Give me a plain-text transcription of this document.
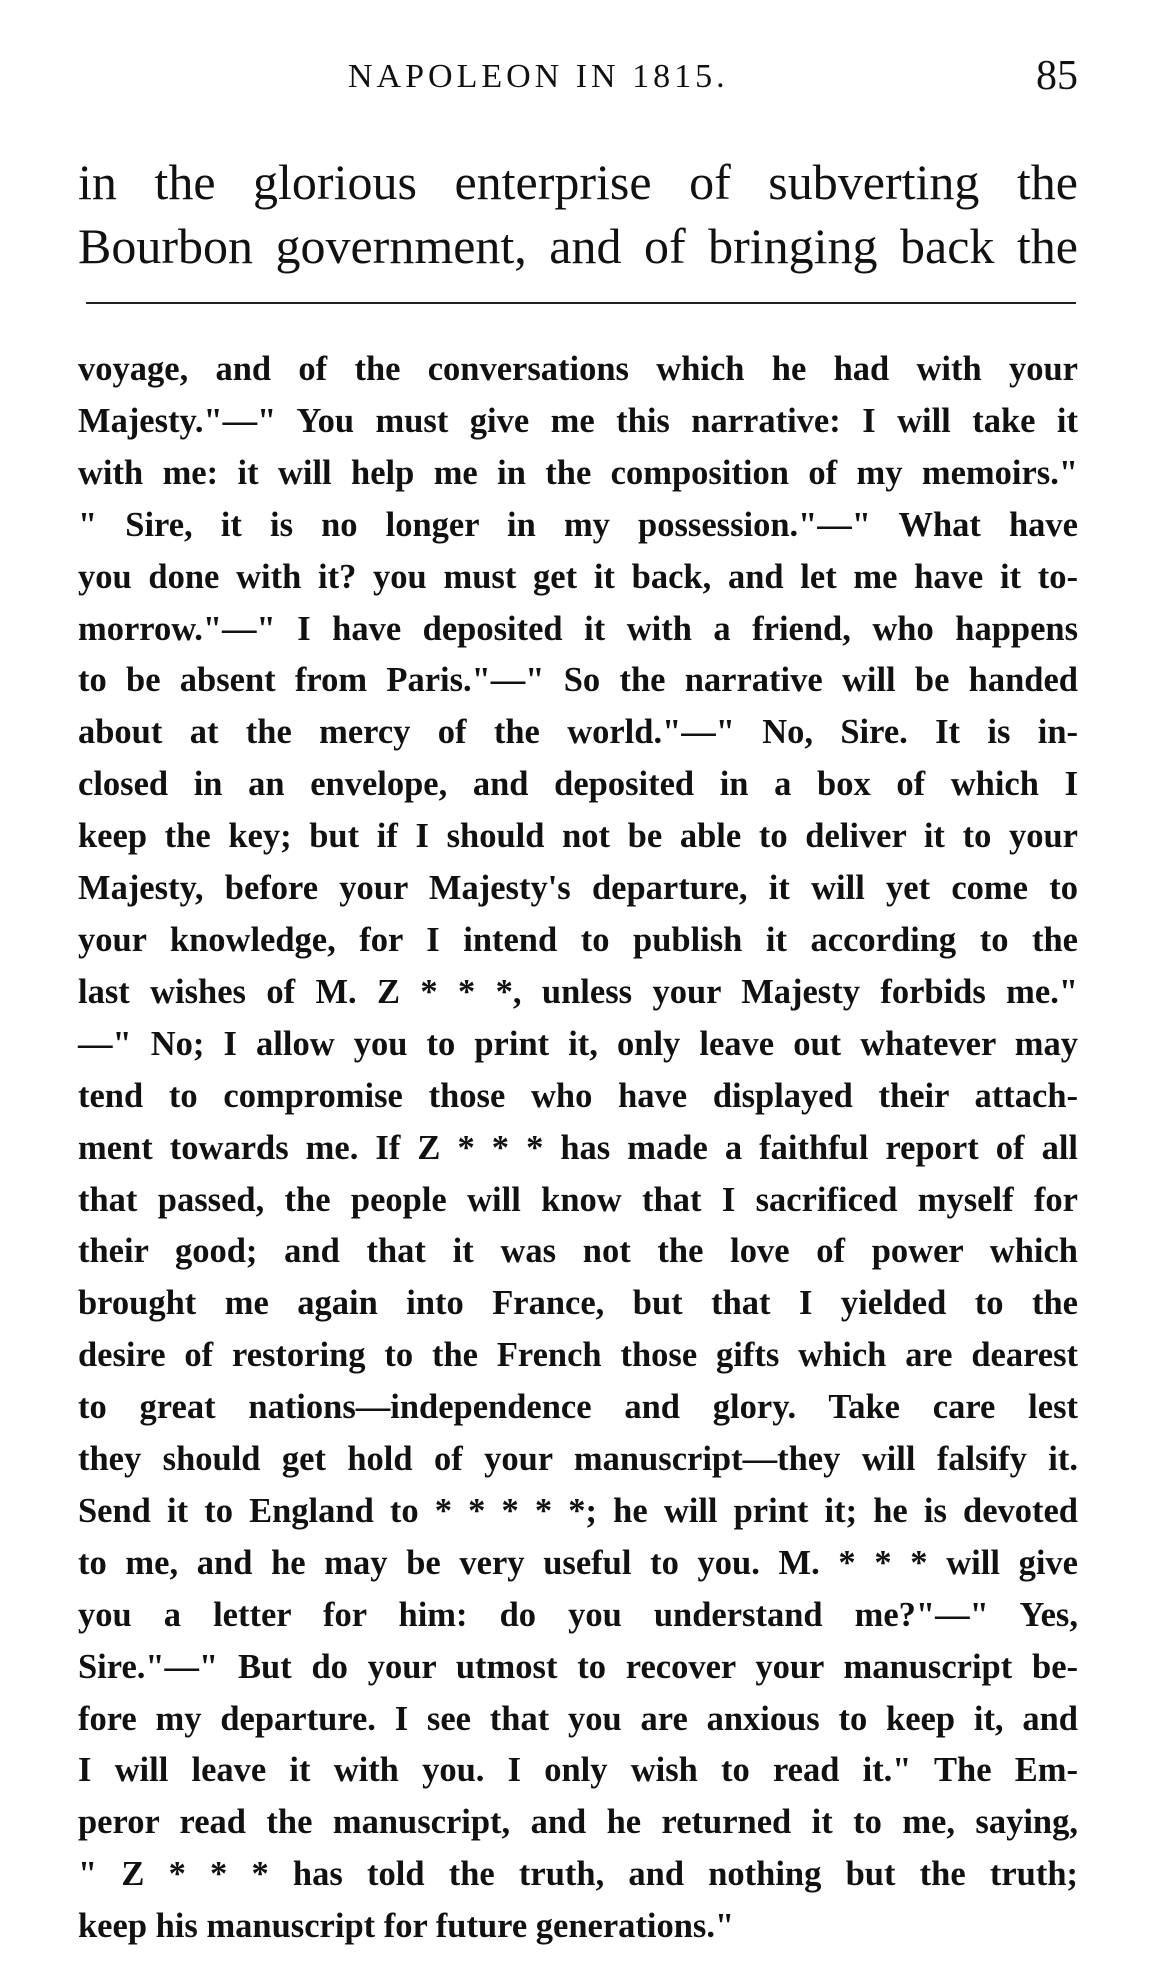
NAPOLEON IN 1815.	85
in the glorious enterprise of subverting the
Bourbon government, and of bringing back the
voyage, and of the conversations which he had with your
Majesty."—" You must give me this narrative: I will take it
with me: it will help me in the composition of my memoirs."
" Sire, it is no longer in my possession."—" What have
you done with it? you must get it back, and let me have it to-
morrow."—" I have deposited it with a friend, who happens
to be absent from Paris."—" So the narrative will be handed
about at the mercy of the world."—" No, Sire. It is in-
closed in an envelope, and deposited in a box of which I
keep the key; but if I should not be able to deliver it to your
Majesty, before your Majesty's departure, it will yet come to
your knowledge, for I intend to publish it according to the
last wishes of M. Z * * *, unless your Majesty forbids me."
—" No; I allow you to print it, only leave out whatever may
tend to compromise those who have displayed their attach-
ment towards me. If Z * * * has made a faithful report of all
that passed, the people will know that I sacrificed myself for
their good; and that it was not the love of power which
brought me again into France, but that I yielded to the
desire of restoring to the French those gifts which are dearest
to great nations—independence and glory. Take care lest
they should get hold of your manuscript—they will falsify it.
Send it to England to * * * * *; he will print it; he is devoted
to me, and he may be very useful to you. M. * * * will give
you a letter for him: do you understand me?"—" Yes,
Sire."—" But do your utmost to recover your manuscript be-
fore my departure. I see that you are anxious to keep it, and
I will leave it with you. I only wish to read it." The Em-
peror read the manuscript, and he returned it to me, saying,
" Z * * * has told the truth, and nothing but the truth;
keep his manuscript for future generations."
